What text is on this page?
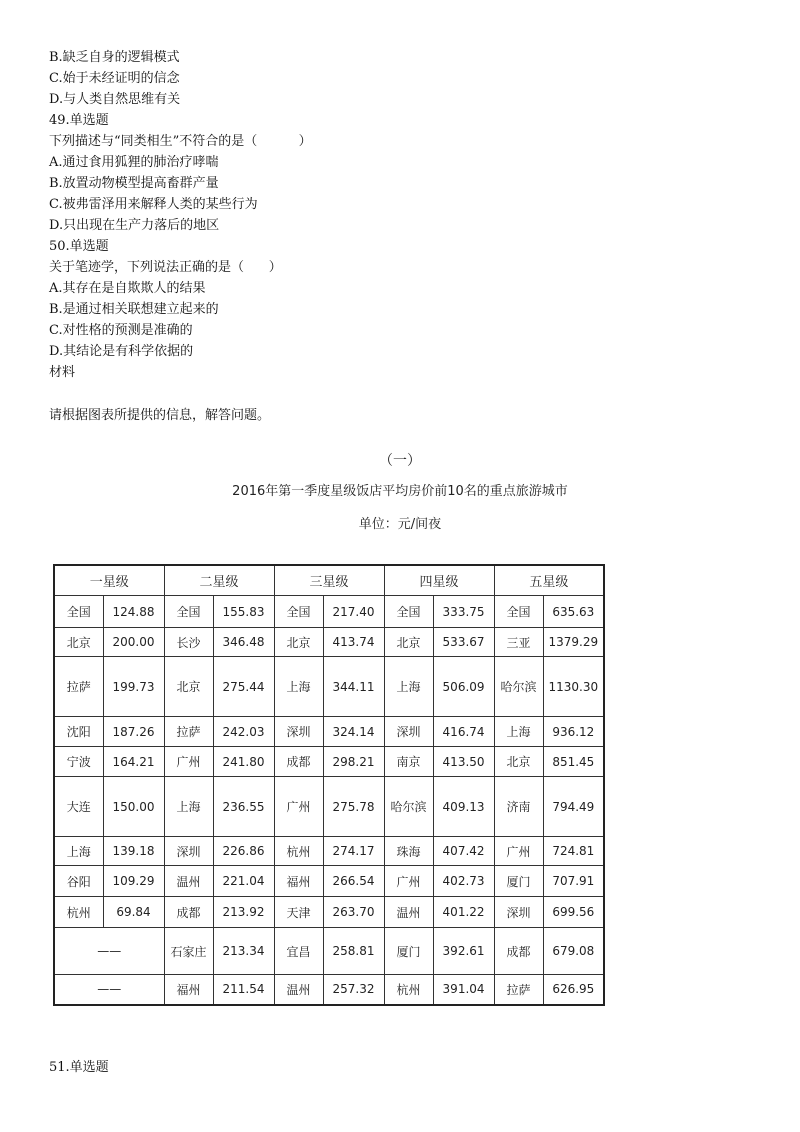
B.缺乏自身的逻辑模式
C.始于未经证明的信念
D.与人类自然思维有关
49.单选题
下列描述与“同类相生”不符合的是（          ）
A.通过食用狐狸的肺治疗哮喘
B.放置动物模型提高畜群产量
C.被弗雷泽用来解释人类的某些行为
D.只出现在生产力落后的地区
50.单选题
关于笔迹学，下列说法正确的是（      ）
A.其存在是自欺欺人的结果
B.是通过相关联想建立起来的
C.对性格的预测是准确的
D.其结论是有科学依据的
材料
请根据图表所提供的信息，解答问题。
（一）
2016年第一季度星级饭店平均房价前10名的重点旅游城市
单位：元/间夜
一星级		二星级		三星级		四星级		五星级	
全国	124.88	全国	155.83	全国	217.40	全国	333.75	全国	635.63
北京	200.00	长沙	346.48	北京	413.74	北京	533.67	三亚	1379.29
拉萨	199.73	北京	275.44	上海	344.11	上海	506.09	哈尔滨	1130.30
沈阳	187.26	拉萨	242.03	深圳	324.14	深圳	416.74	上海	936.12
宁波	164.21	广州	241.80	成都	298.21	南京	413.50	北京	851.45
大连	150.00	上海	236.55	广州	275.78	哈尔滨	409.13	济南	794.49
上海	139.18	深圳	226.86	杭州	274.17	珠海	407.42	广州	724.81
谷阳	109.29	温州	221.04	福州	266.54	广州	402.73	厦门	707.91
杭州	69.84	成都	213.92	天津	263.70	温州	401.22	深圳	699.56
——		石家庄	213.34	宜昌	258.81	厦门	392.61	成都	679.08
——		福州	211.54	温州	257.32	杭州	391.04	拉萨	626.95
51.单选题
